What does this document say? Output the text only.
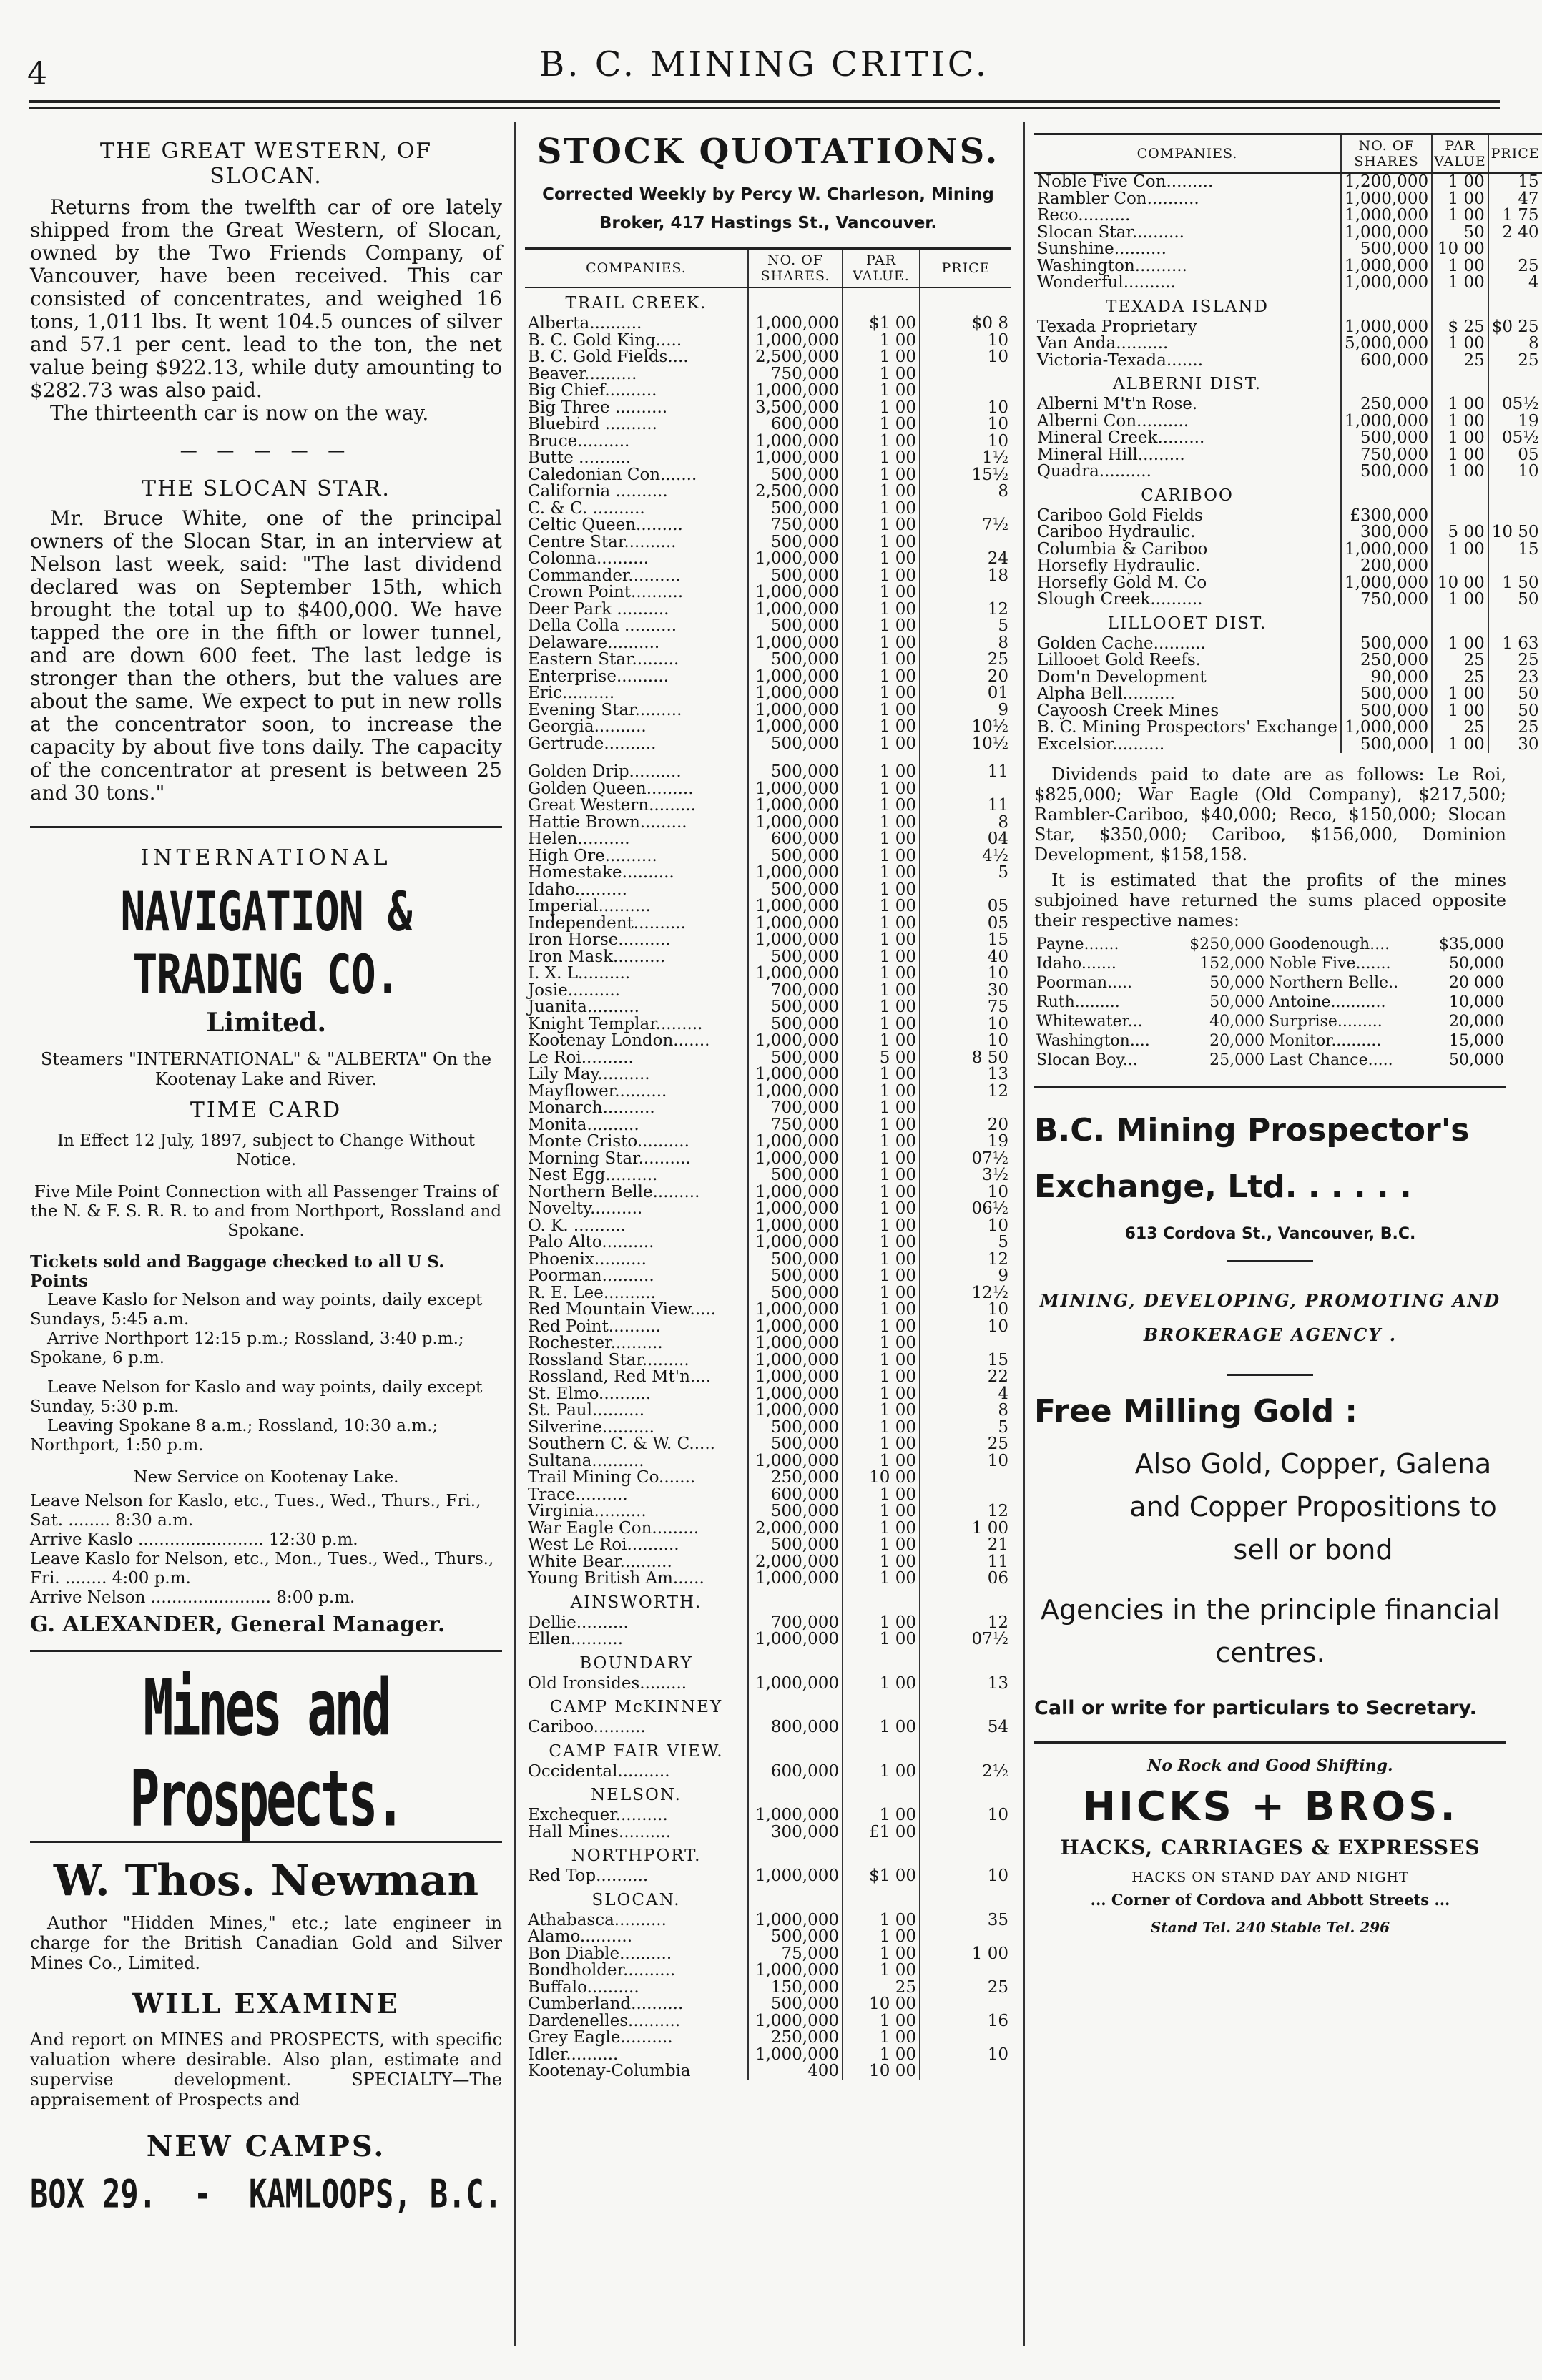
4	B. C. MINING CRITIC.
THE GREAT WESTERN, OF SLOCAN.

Returns from the twelfth car of ore lately shipped from the Great Western, of Slocan, owned by the Two Friends Company, of Vancouver, have been received. This car consisted of concentrates, and weighed 16 tons, 1,011 lbs. It went 104.5 ounces of silver and 57.1 per cent. lead to the ton, the net value being $922.13, while duty amounting to $282.73 was also paid.

The thirteenth car is now on the way.

— — — — —
THE SLOCAN STAR.

Mr. Bruce White, one of the principal owners of the Slocan Star, in an interview at Nelson last week, said: "The last dividend declared was on September 15th, which brought the total up to $400,000. We have tapped the ore in the fifth or lower tunnel, and are down 600 feet. The last ledge is stronger than the others, but the values are about the same. We expect to put in new rolls at the concentrator soon, to increase the capacity by about five tons daily. The capacity of the concentrator at present is between 25 and 30 tons."

INTERNATIONAL
NAVIGATION & TRADING CO.
Limited.
Steamers "INTERNATIONAL" & "ALBERTA" On the Kootenay Lake and River.
TIME CARD

In Effect 12 July, 1897, subject to Change Without Notice.

Five Mile Point Connection with all Passenger Trains of the N. & F. S. R. R. to and from Northport, Rossland and Spokane.

Tickets sold and Baggage checked to all U S. Points

Leave Kaslo for Nelson and way points, daily except Sundays, 5:45 a.m.

Arrive Northport 12:15 p.m.; Rossland, 3:40 p.m.; Spokane, 6 p.m.

Leave Nelson for Kaslo and way points, daily except Sunday, 5:30 p.m.

Leaving Spokane 8 a.m.; Rossland, 10:30 a.m.; Northport, 1:50 p.m.

New Service on Kootenay Lake.

Leave Nelson for Kaslo, etc., Tues., Wed., Thurs., Fri., Sat. ........ 8:30 a.m.

Arrive Kaslo ........................ 12:30 p.m.

Leave Kaslo for Nelson, etc., Mon., Tues., Wed., Thurs., Fri. ........ 4:00 p.m.

Arrive Nelson ....................... 8:00 p.m.

G. ALEXANDER, General Manager.
Mines and Prospects.
W. Thos. Newman

Author "Hidden Mines," etc.; late engineer in charge for the British Canadian Gold and Silver Mines Co., Limited.

WILL EXAMINE

And report on MINES and PROSPECTS, with specific valuation where desirable. Also plan, estimate and supervise development. SPECIALTY—The appraisement of Prospects and

NEW CAMPS.
BOX 29. - KAMLOOPS, B.C.
STOCK QUOTATIONS.
Corrected Weekly by Percy W. Charleson, Mining Broker, 417 Hastings St., Vancouver.
COMPANIES.	NO. OF SHARES.	PAR VALUE.	PRICE
TRAIL CREEK.			
Alberta..........	1,000,000	$1 00	$0 8
B. C. Gold King.....	1,000,000	1 00	10
B. C. Gold Fields....	2,500,000	1 00	10
Beaver..........	750,000	1 00	
Big Chief..........	1,000,000	1 00	
Big Three ..........	3,500,000	1 00	10
Bluebird ..........	600,000	1 00	10
Bruce..........	1,000,000	1 00	10
Butte ..........	1,000,000	1 00	1½
Caledonian Con.......	500,000	1 00	15½
California ..........	2,500,000	1 00	8
C. & C. ..........	500,000	1 00	
Celtic Queen.........	750,000	1 00	7½
Centre Star..........	500,000	1 00	
Colonna..........	1,000,000	1 00	24
Commander..........	500,000	1 00	18
Crown Point..........	1,000,000	1 00	
Deer Park ..........	1,000,000	1 00	12
Della Colla ..........	500,000	1 00	5
Delaware..........	1,000,000	1 00	8
Eastern Star.........	500,000	1 00	25
Enterprise..........	1,000,000	1 00	20
Eric..........	1,000,000	1 00	01
Evening Star.........	1,000,000	1 00	9
Georgia..........	1,000,000	1 00	10½
Gertrude..........	500,000	1 00	10½

Golden Drip..........	500,000	1 00	11
Golden Queen.........	1,000,000	1 00	
Great Western.........	1,000,000	1 00	11
Hattie Brown.........	1,000,000	1 00	8
Helen..........	600,000	1 00	04
High Ore..........	500,000	1 00	4½
Homestake..........	1,000,000	1 00	5
Idaho..........	500,000	1 00	
Imperial..........	1,000,000	1 00	05
Independent..........	1,000,000	1 00	05
Iron Horse..........	1,000,000	1 00	15
Iron Mask..........	500,000	1 00	40
I. X. L..........	1,000,000	1 00	10
Josie..........	700,000	1 00	30
Juanita..........	500,000	1 00	75
Knight Templar.........	500,000	1 00	10
Kootenay London.......	1,000,000	1 00	10
Le Roi..........	500,000	5 00	8 50
Lily May..........	1,000,000	1 00	13
Mayflower..........	1,000,000	1 00	12
Monarch..........	700,000	1 00	
Monita..........	750,000	1 00	20
Monte Cristo..........	1,000,000	1 00	19
Morning Star..........	1,000,000	1 00	07½
Nest Egg..........	500,000	1 00	3½
Northern Belle.........	1,000,000	1 00	10
Novelty..........	1,000,000	1 00	06½
O. K. ..........	1,000,000	1 00	10
Palo Alto..........	1,000,000	1 00	5
Phoenix..........	500,000	1 00	12
Poorman..........	500,000	1 00	9
R. E. Lee..........	500,000	1 00	12½
Red Mountain View.....	1,000,000	1 00	10
Red Point..........	1,000,000	1 00	10
Rochester..........	1,000,000	1 00	
Rossland Star.........	1,000,000	1 00	15
Rossland, Red Mt'n....	1,000,000	1 00	22
St. Elmo..........	1,000,000	1 00	4
St. Paul..........	1,000,000	1 00	8
Silverine..........	500,000	1 00	5
Southern C. & W. C.....	500,000	1 00	25
Sultana..........	1,000,000	1 00	10
Trail Mining Co.......	250,000	10 00	
Trace..........	600,000	1 00	
Virginia..........	500,000	1 00	12
War Eagle Con.........	2,000,000	1 00	1 00
West Le Roi..........	500,000	1 00	21
White Bear..........	2,000,000	1 00	11
Young British Am......	1,000,000	1 00	06
AINSWORTH.			
Dellie..........	700,000	1 00	12
Ellen..........	1,000,000	1 00	07½
BOUNDARY			
Old Ironsides.........	1,000,000	1 00	13
CAMP McKINNEY			
Cariboo..........	800,000	1 00	54
CAMP FAIR VIEW.			
Occidental..........	600,000	1 00	2½
NELSON.			
Exchequer..........	1,000,000	1 00	10
Hall Mines..........	300,000	£1 00	
NORTHPORT.			
Red Top..........	1,000,000	$1 00	10
SLOCAN.			
Athabasca..........	1,000,000	1 00	35
Alamo..........	500,000	1 00	
Bon Diable..........	75,000	1 00	1 00
Bondholder..........	1,000,000	1 00	
Buffalo..........	150,000	25	25
Cumberland..........	500,000	10 00	
Dardenelles..........	1,000,000	1 00	16
Grey Eagle..........	250,000	1 00	
Idler..........	1,000,000	1 00	10
Kootenay-Columbia	400	10 00	
COMPANIES.	NO. OF SHARES	PAR VALUE	PRICE
Noble Five Con.........	1,200,000	1 00	15
Rambler Con..........	1,000,000	1 00	47
Reco..........	1,000,000	1 00	1 75
Slocan Star..........	1,000,000	50	2 40
Sunshine..........	500,000	10 00	
Washington..........	1,000,000	1 00	25
Wonderful..........	1,000,000	1 00	4
TEXADA ISLAND			
Texada Proprietary	1,000,000	$ 25	$0 25
Van Anda..........	5,000,000	1 00	8
Victoria-Texada.......	600,000	25	25
ALBERNI DIST.			
Alberni M't'n Rose.	250,000	1 00	05½
Alberni Con..........	1,000,000	1 00	19
Mineral Creek.........	500,000	1 00	05½
Mineral Hill.........	750,000	1 00	05
Quadra..........	500,000	1 00	10
CARIBOO			
Cariboo Gold Fields	£300,000		
Cariboo Hydraulic.	300,000	5 00	10 50
Columbia & Cariboo	1,000,000	1 00	15
Horsefly Hydraulic.	200,000		
Horsefly Gold M. Co	1,000,000	10 00	1 50
Slough Creek..........	750,000	1 00	50
LILLOOET DIST.			
Golden Cache..........	500,000	1 00	1 63
Lillooet Gold Reefs.	250,000	25	25
Dom'n Development	90,000	25	23
Alpha Bell..........	500,000	1 00	50
Cayoosh Creek Mines	500,000	1 00	50
B. C. Mining Prospectors' Exchange	1,000,000	25	25
Excelsior..........	500,000	1 00	30

Dividends paid to date are as follows: Le Roi, $825,000; War Eagle (Old Company), $217,500; Rambler-Cariboo, $40,000; Reco, $150,000; Slocan Star, $350,000; Cariboo, $156,000, Dominion Development, $158,158.

It is estimated that the profits of the mines subjoined have returned the sums placed opposite their respective names:

Payne.......	$250,000	Goodenough....	$35,000
Idaho.......	152,000	Noble Five.......	50,000
Poorman.....	50,000	Northern Belle..	20 000
Ruth.........	50,000	Antoine...........	10,000
Whitewater...	40,000	Surprise.........	20,000
Washington....	20,000	Monitor..........	15,000
Slocan Boy...	25,000	Last Chance.....	50,000
B.C. Mining Prospector's
Exchange, Ltd. . . . . .
613 Cordova St., Vancouver, B.C.
MINING, DEVELOPING, PROMOTING AND BROKERAGE AGENCY .
Free Milling Gold :
Also Gold, Copper, Galena and Copper Propositions to sell or bond
Agencies in the principle financial centres.
Call or write for particulars to Secretary.
No Rock and Good Shifting.
HICKS + BROS.
HACKS, CARRIAGES & EXPRESSES
HACKS ON STAND DAY AND NIGHT
... Corner of Cordova and Abbott Streets ...
Stand Tel. 240 Stable Tel. 296
